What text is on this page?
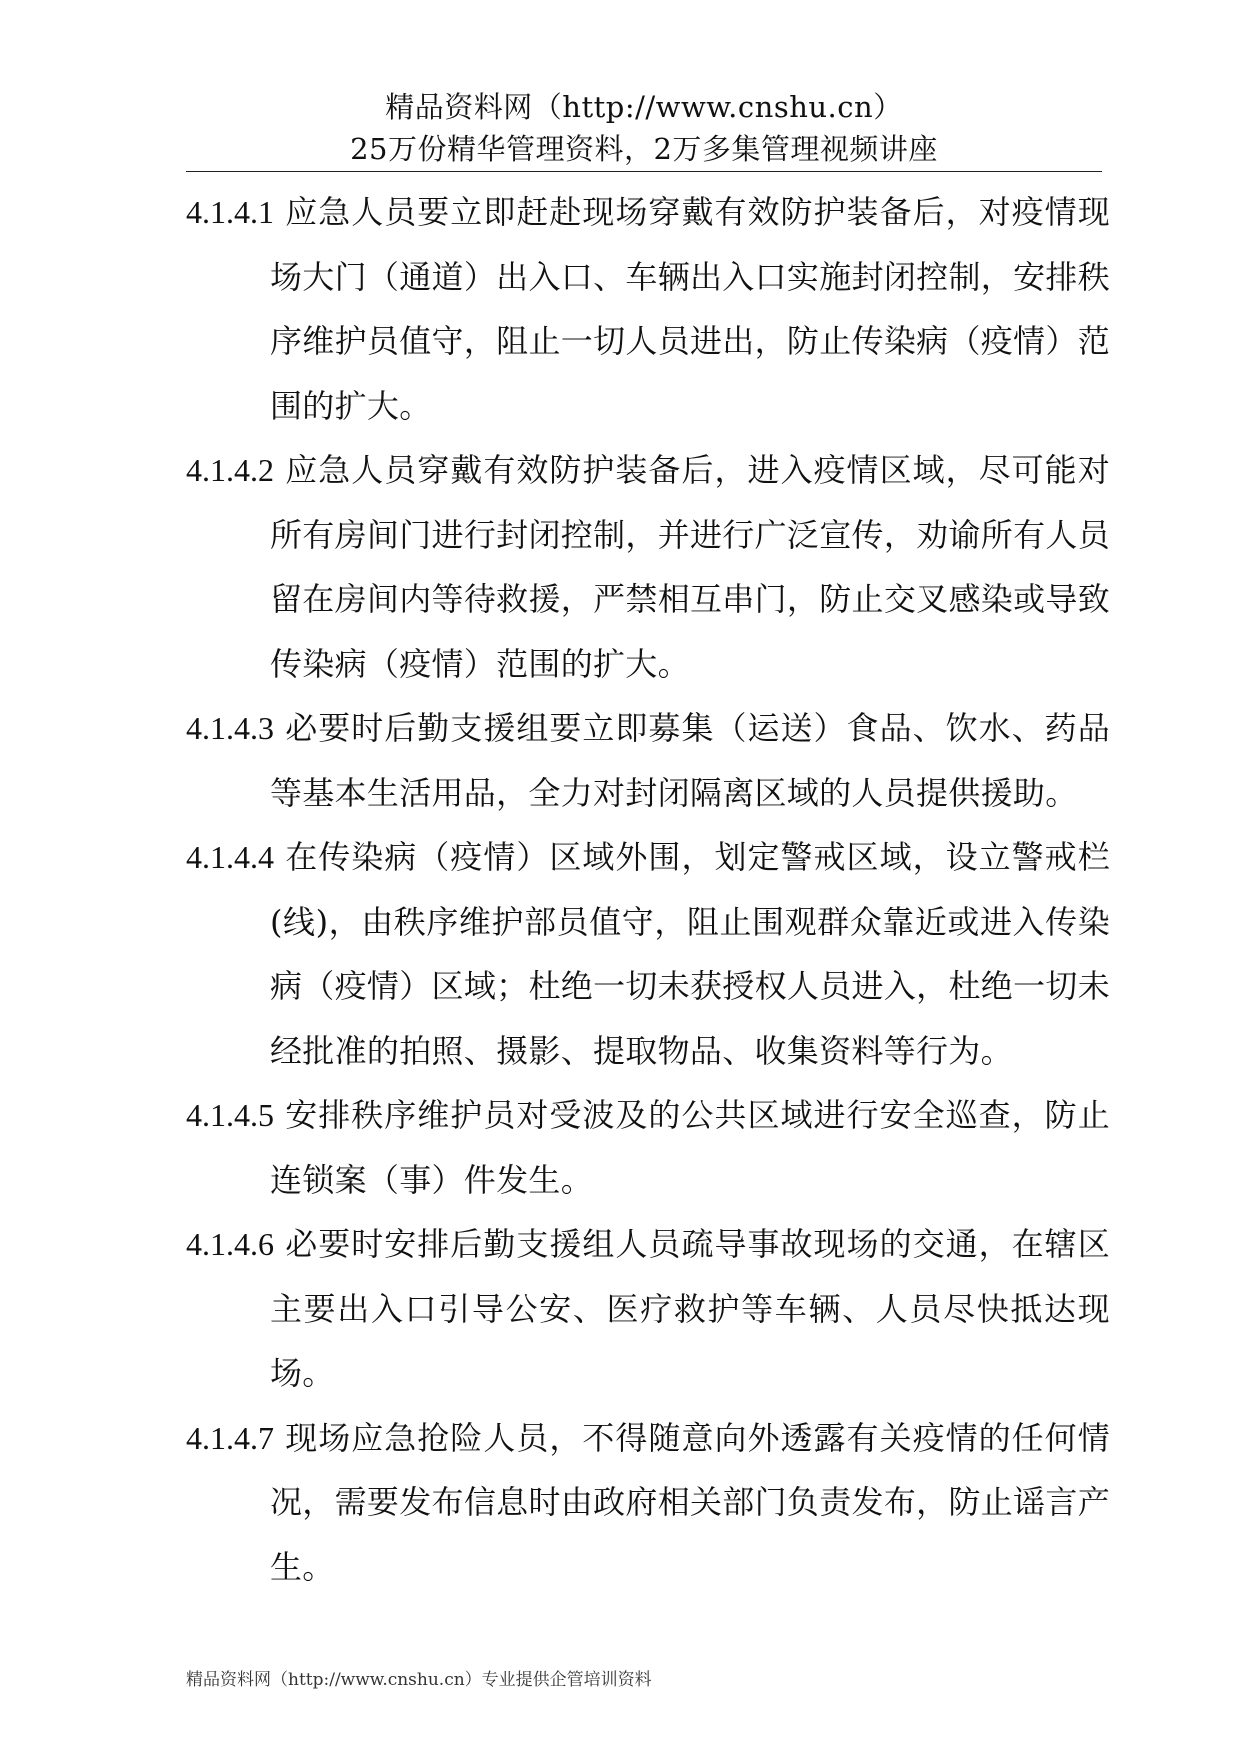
精品资料网（http://www.cnshu.cn）
25万份精华管理资料，2万多集管理视频讲座

4.1.4.1 应急人员要立即赶赴现场穿戴有效防护装备后，对疫情现场大门（通道）出入口、车辆出入口实施封闭控制，安排秩序维护员值守，阻止一切人员进出，防止传染病（疫情）范围的扩大。

4.1.4.2 应急人员穿戴有效防护装备后，进入疫情区域，尽可能对所有房间门进行封闭控制，并进行广泛宣传，劝谕所有人员留在房间内等待救援，严禁相互串门，防止交叉感染或导致传染病（疫情）范围的扩大。

4.1.4.3 必要时后勤支援组要立即募集（运送）食品、饮水、药品等基本生活用品，全力对封闭隔离区域的人员提供援助。

4.1.4.4 在传染病（疫情）区域外围，划定警戒区域，设立警戒栏(线)，由秩序维护部员值守，阻止围观群众靠近或进入传染病（疫情）区域；杜绝一切未获授权人员进入，杜绝一切未经批准的拍照、摄影、提取物品、收集资料等行为。

4.1.4.5 安排秩序维护员对受波及的公共区域进行安全巡查，防止连锁案（事）件发生。

4.1.4.6 必要时安排后勤支援组人员疏导事故现场的交通，在辖区主要出入口引导公安、医疗救护等车辆、人员尽快抵达现场。

4.1.4.7 现场应急抢险人员，不得随意向外透露有关疫情的任何情况，需要发布信息时由政府相关部门负责发布，防止谣言产生。

精品资料网（http://www.cnshu.cn）专业提供企管培训资料
